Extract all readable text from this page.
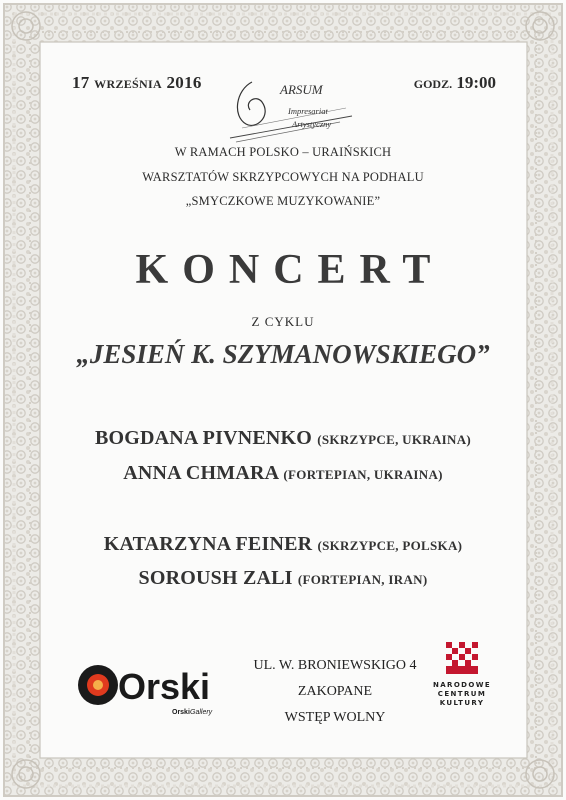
17 WRZEŚNIA 2016	GODZ. 19:00
ARSUM
Impresariat
Artystyczny
W RAMACH POLSKO – URAIŃSKICH
WARSZTATÓW SKRZYPCOWYCH NA PODHALU
„SMYCZKOWE MUZYKOWANIE”
KONCERT
Z CYKLU
„JESIEŃ K. SZYMANOWSKIEGO”
BOGDANA PIVNENKO (SKRZYPCE, UKRAINA)
ANNA CHMARA (FORTEPIAN, UKRAINA)
KATARZYNA FEINER (SKRZYPCE, POLSKA)
SOROUSH ZALI (FORTEPIAN, IRAN)
UL. W. BRONIEWSKIGO 4
ZAKOPANE
WSTĘP WOLNY
Orski
Orski Gallery
NARODOWE
CENTRUM
KULTURY
